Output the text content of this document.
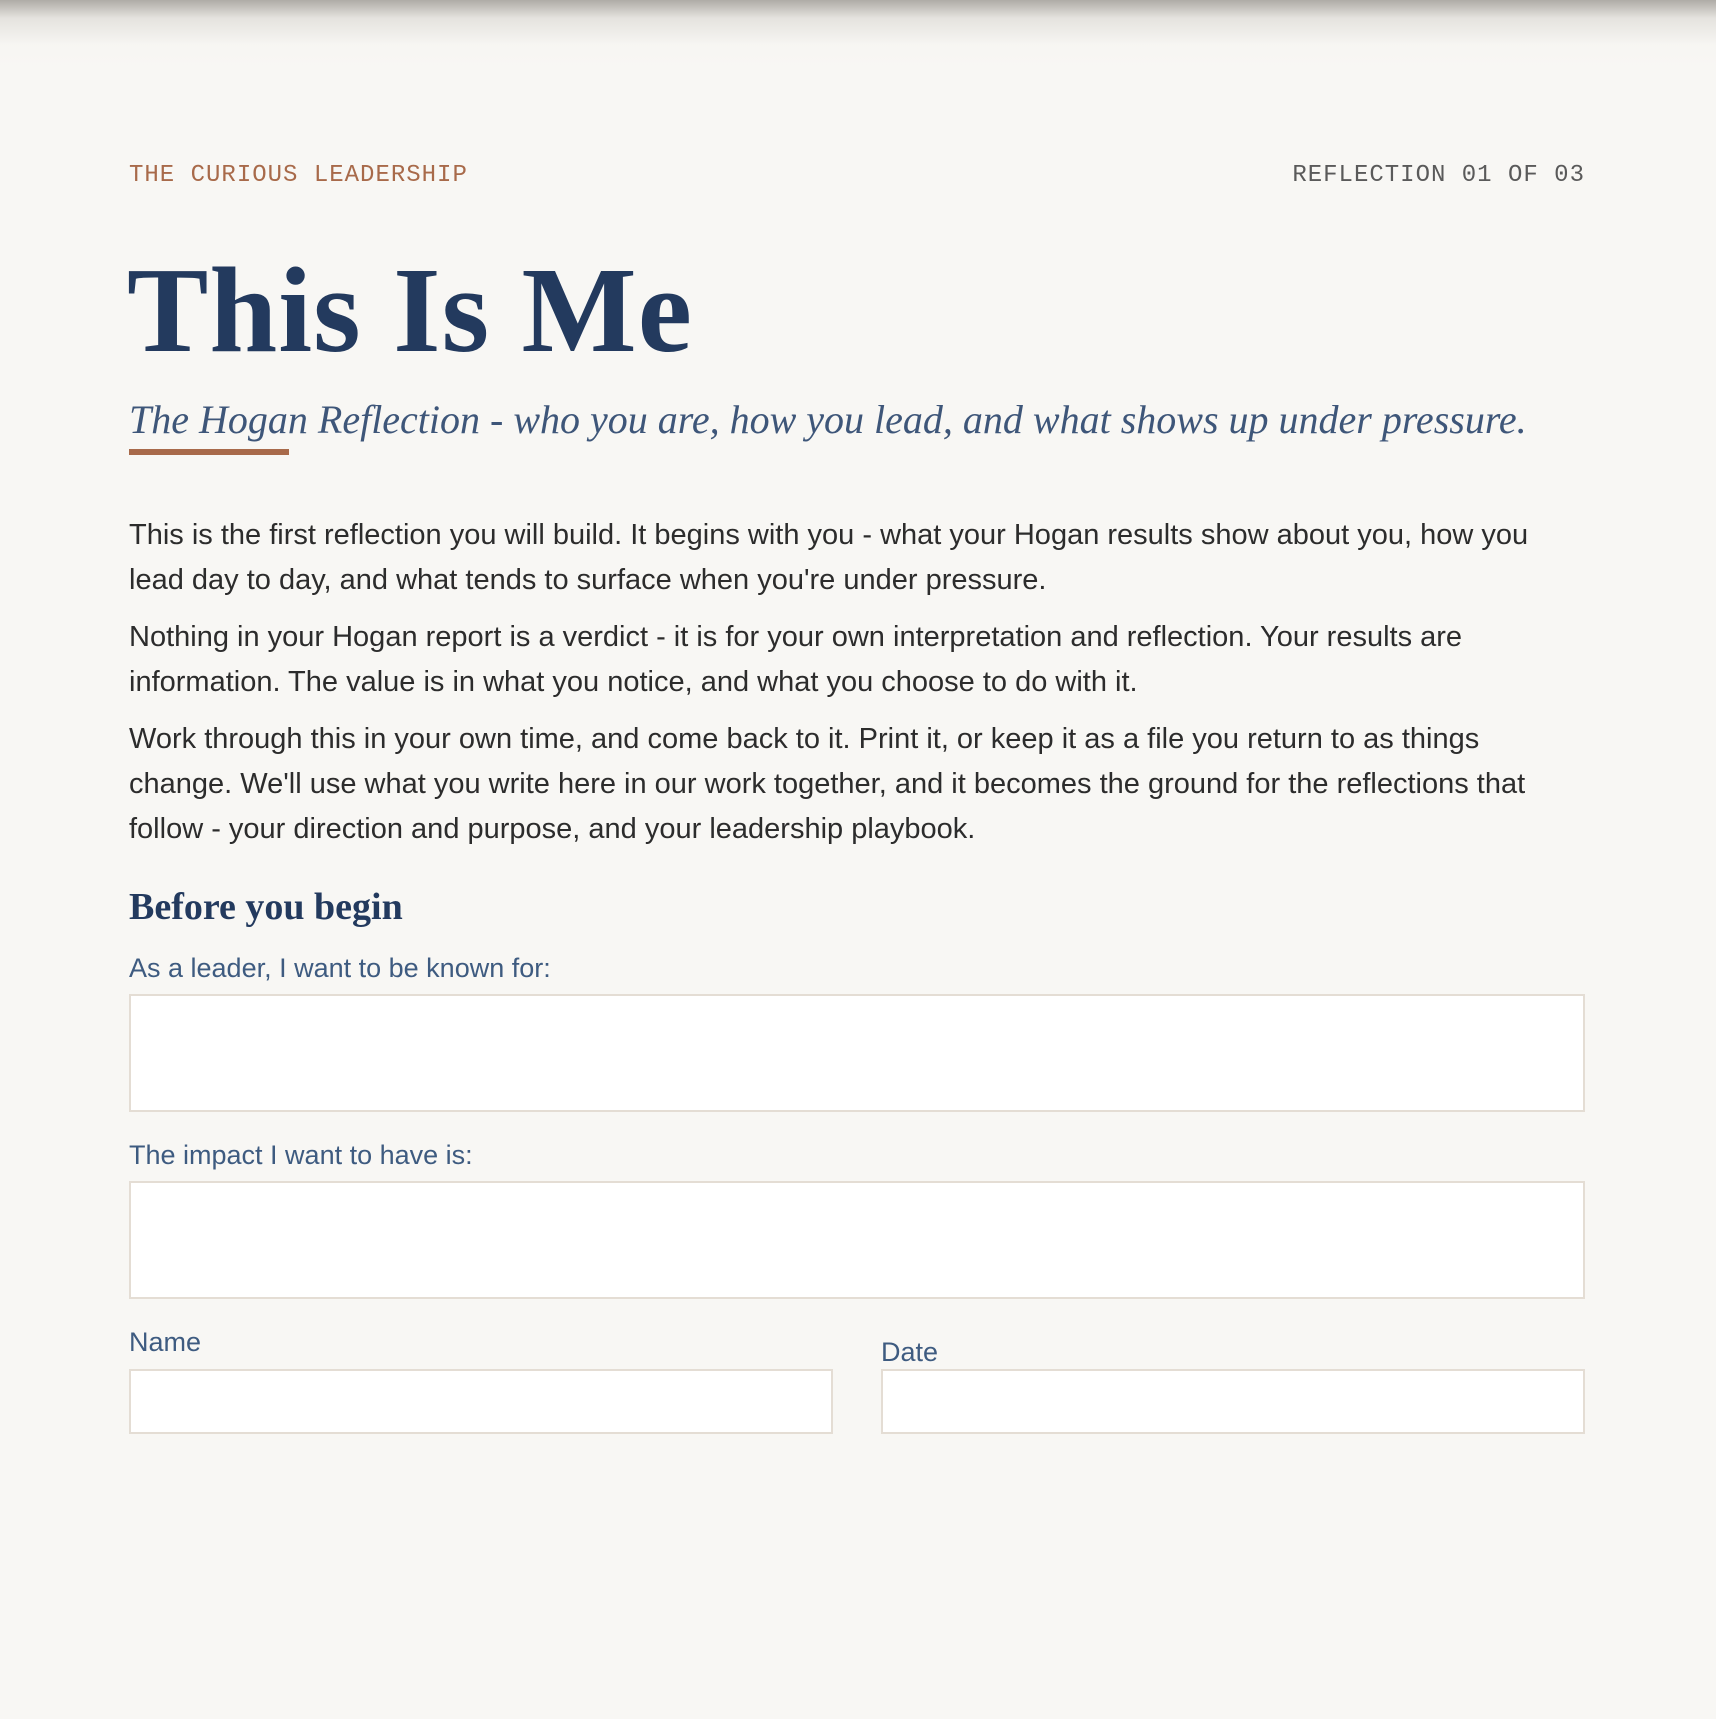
THE CURIOUS LEADERSHIP	REFLECTION 01 OF 03
This Is Me
The Hogan Reflection - who you are, how you lead, and what shows up under pressure.

This is the first reflection you will build. It begins with you - what your Hogan results show about you, how you lead day to day, and what tends to surface when you're under pressure.

Nothing in your Hogan report is a verdict - it is for your own interpretation and reflection. Your results are information. The value is in what you notice, and what you choose to do with it.

Work through this in your own time, and come back to it. Print it, or keep it as a file you return to as things change. We'll use what you write here in our work together, and it becomes the ground for the reflections that follow - your direction and purpose, and your leadership playbook.

Before you begin
As a leader, I want to be known for:
The impact I want to have is:
Name	Date
